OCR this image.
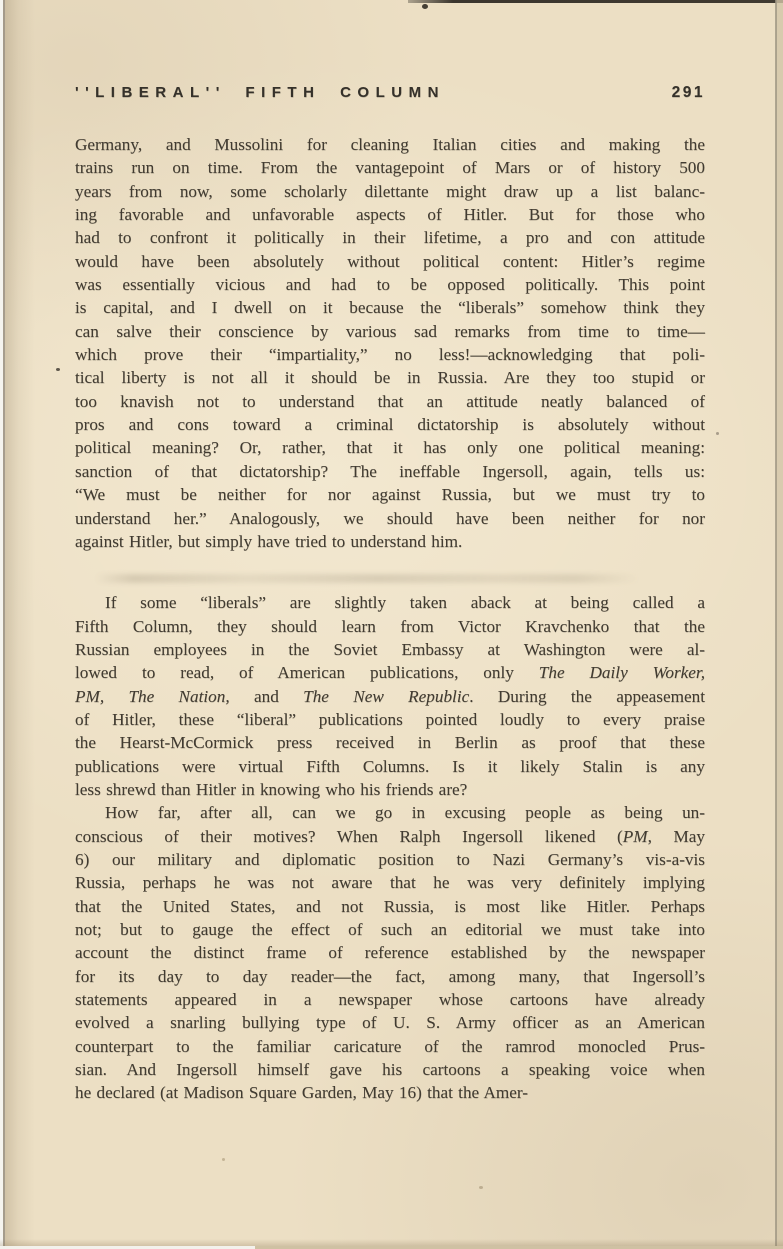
''LIBERAL'' FIFTH COLUMN	291
Germany, and Mussolini for cleaning Italian cities and making the
trains run on time. From the vantagepoint of Mars or of history 500
years from now, some scholarly dilettante might draw up a list balanc-
ing favorable and unfavorable aspects of Hitler. But for those who
had to confront it politically in their lifetime, a pro and con attitude
would have been absolutely without political content: Hitler’s regime
was essentially vicious and had to be opposed politically. This point
is capital, and I dwell on it because the “liberals” somehow think they
can salve their conscience by various sad remarks from time to time—
which prove their “impartiality,” no less!—acknowledging that poli-
tical liberty is not all it should be in Russia. Are they too stupid or
too knavish not to understand that an attitude neatly balanced of
pros and cons toward a criminal dictatorship is absolutely without
political meaning? Or, rather, that it has only one political meaning:
sanction of that dictatorship? The ineffable Ingersoll, again, tells us:
“We must be neither for nor against Russia, but we must try to
understand her.” Analogously, we should have been neither for nor
against Hitler, but simply have tried to understand him.
If some “liberals” are slightly taken aback at being called a
Fifth Column, they should learn from Victor Kravchenko that the
Russian employees in the Soviet Embassy at Washington were al-
lowed to read, of American publications, only The Daily Worker,
PM, The Nation, and The New Republic. During the appeasement
of Hitler, these “liberal” publications pointed loudly to every praise
the Hearst-McCormick press received in Berlin as proof that these
publications were virtual Fifth Columns. Is it likely Stalin is any
less shrewd than Hitler in knowing who his friends are?
How far, after all, can we go in excusing people as being un-
conscious of their motives? When Ralph Ingersoll likened (PM, May
6) our military and diplomatic position to Nazi Germany’s vis-a-vis
Russia, perhaps he was not aware that he was very definitely implying
that the United States, and not Russia, is most like Hitler. Perhaps
not; but to gauge the effect of such an editorial we must take into
account the distinct frame of reference established by the newspaper
for its day to day reader—the fact, among many, that Ingersoll’s
statements appeared in a newspaper whose cartoons have already
evolved a snarling bullying type of U. S. Army officer as an American
counterpart to the familiar caricature of the ramrod monocled Prus-
sian. And Ingersoll himself gave his cartoons a speaking voice when
he declared (at Madison Square Garden, May 16) that the Amer-
